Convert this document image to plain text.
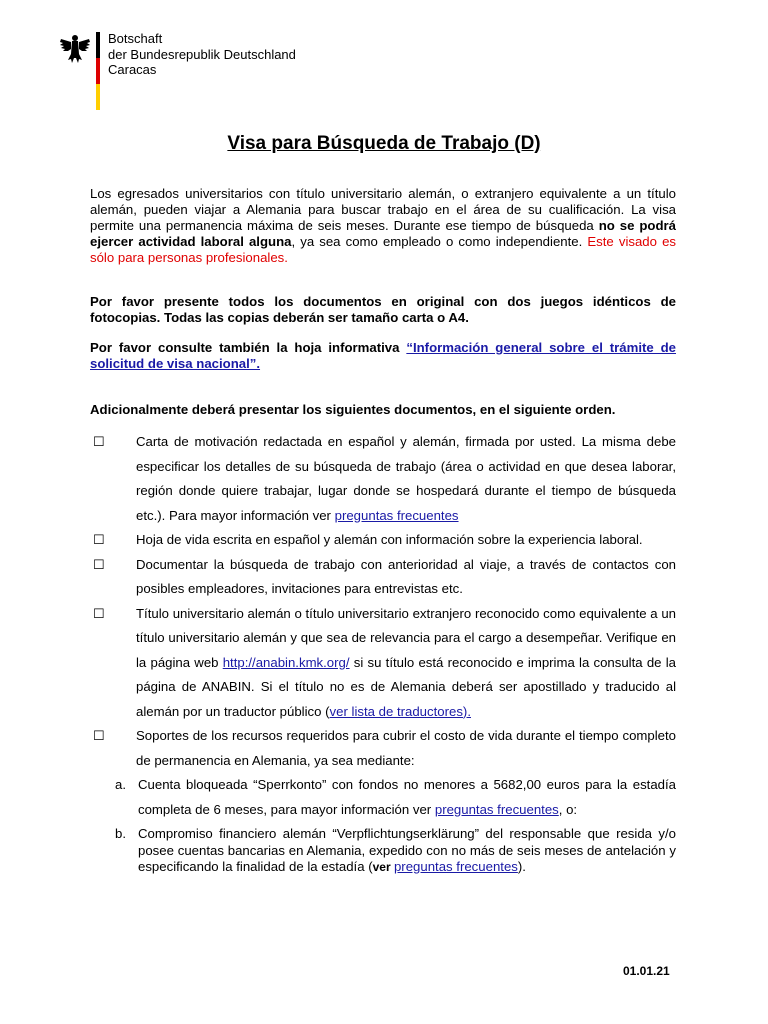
Botschaft
der Bundesrepublik Deutschland
Caracas
Visa para Búsqueda de Trabajo (D)
Los egresados universitarios con título universitario alemán, o extranjero equivalente a un título alemán, pueden viajar a Alemania para buscar trabajo en el área de su cualificación. La visa permite una permanencia máxima de seis meses. Durante ese tiempo de búsqueda no se podrá ejercer actividad laboral alguna, ya sea como empleado o como independiente. Este visado es sólo para personas profesionales.
Por favor presente todos los documentos en original con dos juegos idénticos de fotocopias. Todas las copias deberán ser tamaño carta o A4.
Por favor consulte también la hoja informativa “Información general sobre el trámite de solicitud de visa nacional”.
Adicionalmente deberá presentar los siguientes documentos, en el siguiente orden.
☐ Carta de motivación redactada en español y alemán, firmada por usted. La misma debe especificar los detalles de su búsqueda de trabajo (área o actividad en que desea laborar, región donde quiere trabajar, lugar donde se hospedará durante el tiempo de búsqueda etc.). Para mayor información ver preguntas frecuentes
☐ Hoja de vida escrita en español y alemán con información sobre la experiencia laboral.
☐ Documentar la búsqueda de trabajo con anterioridad al viaje, a través de contactos con posibles empleadores, invitaciones para entrevistas etc.
☐ Título universitario alemán o título universitario extranjero reconocido como equivalente a un título universitario alemán y que sea de relevancia para el cargo a desempeñar. Verifique en la página web http://anabin.kmk.org/ si su título está reconocido e imprima la consulta de la página de ANABIN. Si el título no es de Alemania deberá ser apostillado y traducido al alemán por un traductor público (ver lista de traductores).
☐ Soportes de los recursos requeridos para cubrir el costo de vida durante el tiempo completo de permanencia en Alemania, ya sea mediante:
a. Cuenta bloqueada “Sperrkonto” con fondos no menores a 5682,00 euros para la estadía completa de 6 meses, para mayor información ver preguntas frecuentes, o:
b. Compromiso financiero alemán “Verpflichtungserklärung” del responsable que resida y/o posee cuentas bancarias en Alemania, expedido con no más de seis meses de antelación y especificando la finalidad de la estadía (ver preguntas frecuentes).
01.01.21
